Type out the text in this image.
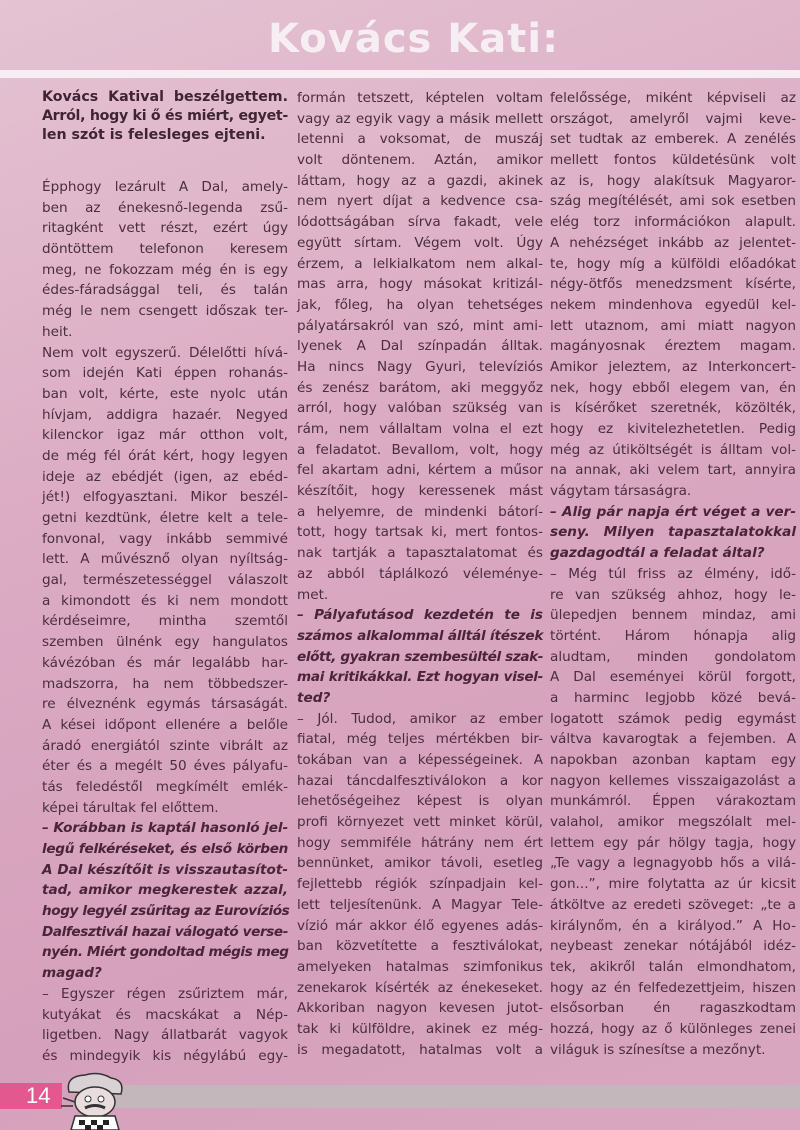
Kovács Kati:
Kovács Katival beszélgettem.
Arról, hogy ki ő és miért, egyet-
len szót is felesleges ejteni.
Épphogy lezárult A Dal, amely-
ben az énekesnő-legenda zsű-
ritagként vett részt, ezért úgy
döntöttem telefonon keresem
meg, ne fokozzam még én is egy
édes-fáradsággal teli, és talán
még le nem csengett időszak ter-
heit.
Nem volt egyszerű. Délelőtti hívá-
som idején Kati éppen rohanás-
ban volt, kérte, este nyolc után
hívjam, addigra hazaér. Negyed
kilenckor igaz már otthon volt,
de még fél órát kért, hogy legyen
ideje az ebédjét (igen, az ebéd-
jét!) elfogyasztani. Mikor beszél-
getni kezdtünk, életre kelt a tele-
fonvonal, vagy inkább semmivé
lett. A művésznő olyan nyíltság-
gal, természetességgel válaszolt
a kimondott és ki nem mondott
kérdéseimre, mintha szemtől
szemben ülnénk egy hangulatos
kávézóban és már legalább har-
madszorra, ha nem többedszer-
re élveznénk egymás társaságát.
A kései időpont ellenére a belőle
áradó energiától szinte vibrált az
éter és a megélt 50 éves pályafu-
tás feledéstől megkímélt emlék-
képei tárultak fel előttem.
– Korábban is kaptál hasonló jel-
legű felkéréseket, és első körben
A Dal készítőit is visszautasítot-
tad, amikor megkerestek azzal,
hogy legyél zsűritag az Eurovíziós
Dalfesztivál hazai válogató verse-
nyén. Miért gondoltad mégis meg
magad?
– Egyszer régen zsűriztem már,
kutyákat és macskákat a Nép-
ligetben. Nagy állatbarát vagyok
és mindegyik kis négylábú egy-
formán tetszett, képtelen voltam
vagy az egyik vagy a másik mellett
letenni a voksomat, de muszáj
volt döntenem. Aztán, amikor
láttam, hogy az a gazdi, akinek
nem nyert díjat a kedvence csa-
lódottságában sírva fakadt, vele
együtt sírtam. Végem volt. Úgy
érzem, a lelkialkatom nem alkal-
mas arra, hogy másokat kritizál-
jak, főleg, ha olyan tehetséges
pályatársakról van szó, mint ami-
lyenek A Dal színpadán álltak.
Ha nincs Nagy Gyuri, televíziós
és zenész barátom, aki meggyőz
arról, hogy valóban szükség van
rám, nem vállaltam volna el ezt
a feladatot. Bevallom, volt, hogy
fel akartam adni, kértem a műsor
készítőit, hogy keressenek mást
a helyemre, de mindenki bátorí-
tott, hogy tartsak ki, mert fontos-
nak tartják a tapasztalatomat és
az abból táplálkozó véleménye-
met.
– Pályafutásod kezdetén te is
számos alkalommal álltál ítészek
előtt, gyakran szembesültél szak-
mai kritikákkal. Ezt hogyan visel-
ted?
– Jól. Tudod, amikor az ember
fiatal, még teljes mértékben bir-
tokában van a képességeinek. A
hazai táncdalfesztiválokon a kor
lehetőségeihez képest is olyan
profi környezet vett minket körül,
hogy semmiféle hátrány nem ért
bennünket, amikor távoli, esetleg
fejlettebb régiók színpadjain kel-
lett teljesítenünk. A Magyar Tele-
vízió már akkor élő egyenes adás-
ban közvetítette a fesztiválokat,
amelyeken hatalmas szimfonikus
zenekarok kísérték az énekeseket.
Akkoriban nagyon kevesen jutot-
tak ki külföldre, akinek ez még-
is megadatott, hatalmas volt a
felelőssége, miként képviseli az
országot, amelyről vajmi keve-
set tudtak az emberek. A zenélés
mellett fontos küldetésünk volt
az is, hogy alakítsuk Magyaror-
szág megítélését, ami sok esetben
elég torz információkon alapult.
A nehézséget inkább az jelentet-
te, hogy míg a külföldi előadókat
négy-ötfős menedzsment kísérte,
nekem mindenhova egyedül kel-
lett utaznom, ami miatt nagyon
magányosnak éreztem magam.
Amikor jeleztem, az Interkoncert-
nek, hogy ebből elegem van, én
is kísérőket szeretnék, közölték,
hogy ez kivitelezhetetlen. Pedig
még az útiköltségét is álltam vol-
na annak, aki velem tart, annyira
vágytam társaságra.
– Alig pár napja ért véget a ver-
seny. Milyen tapasztalatokkal
gazdagodtál a feladat által?
– Még túl friss az élmény, idő-
re van szükség ahhoz, hogy le-
ülepedjen bennem mindaz, ami
történt. Három hónapja alig
aludtam, minden gondolatom
A Dal eseményei körül forgott,
a harminc legjobb közé bevá-
logatott számok pedig egymást
váltva kavarogtak a fejemben. A
napokban azonban kaptam egy
nagyon kellemes visszaigazolást a
munkámról. Éppen várakoztam
valahol, amikor megszólalt mel-
lettem egy pár hölgy tagja, hogy
„Te vagy a legnagyobb hős a vilá-
gon...”, mire folytatta az úr kicsit
átköltve az eredeti szöveget: „te a
királynőm, én a királyod.” A Ho-
neybeast zenekar nótájából idéz-
tek, akikről talán elmondhatom,
hogy az én felfedezettjeim, hiszen
elsősorban én ragaszkodtam
hozzá, hogy az ő különleges zenei
világuk is színesítse a mezőnyt.
14
